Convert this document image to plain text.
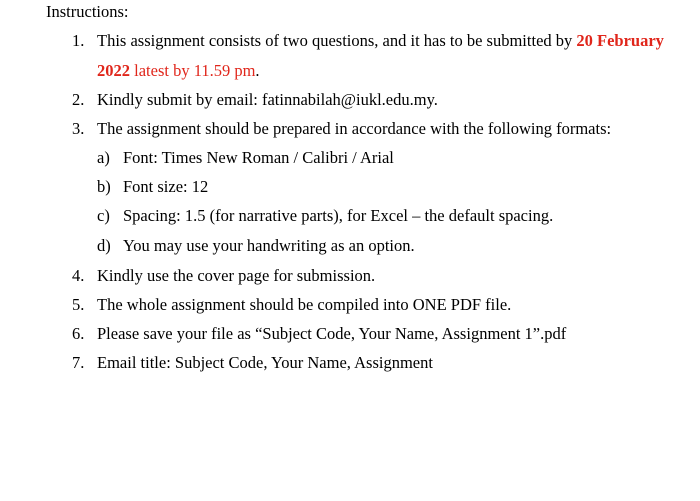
Instructions:
1. This assignment consists of two questions, and it has to be submitted by 20 February
2022 latest by 11.59 pm.
2. Kindly submit by email: fatinnabilah@iukl.edu.my.
3. The assignment should be prepared in accordance with the following formats:
a) Font: Times New Roman / Calibri / Arial
b) Font size: 12
c) Spacing: 1.5 (for narrative parts), for Excel – the default spacing.
d) You may use your handwriting as an option.
4. Kindly use the cover page for submission.
5. The whole assignment should be compiled into ONE PDF file.
6. Please save your file as “Subject Code, Your Name, Assignment 1”.pdf
7. Email title: Subject Code, Your Name, Assignment
